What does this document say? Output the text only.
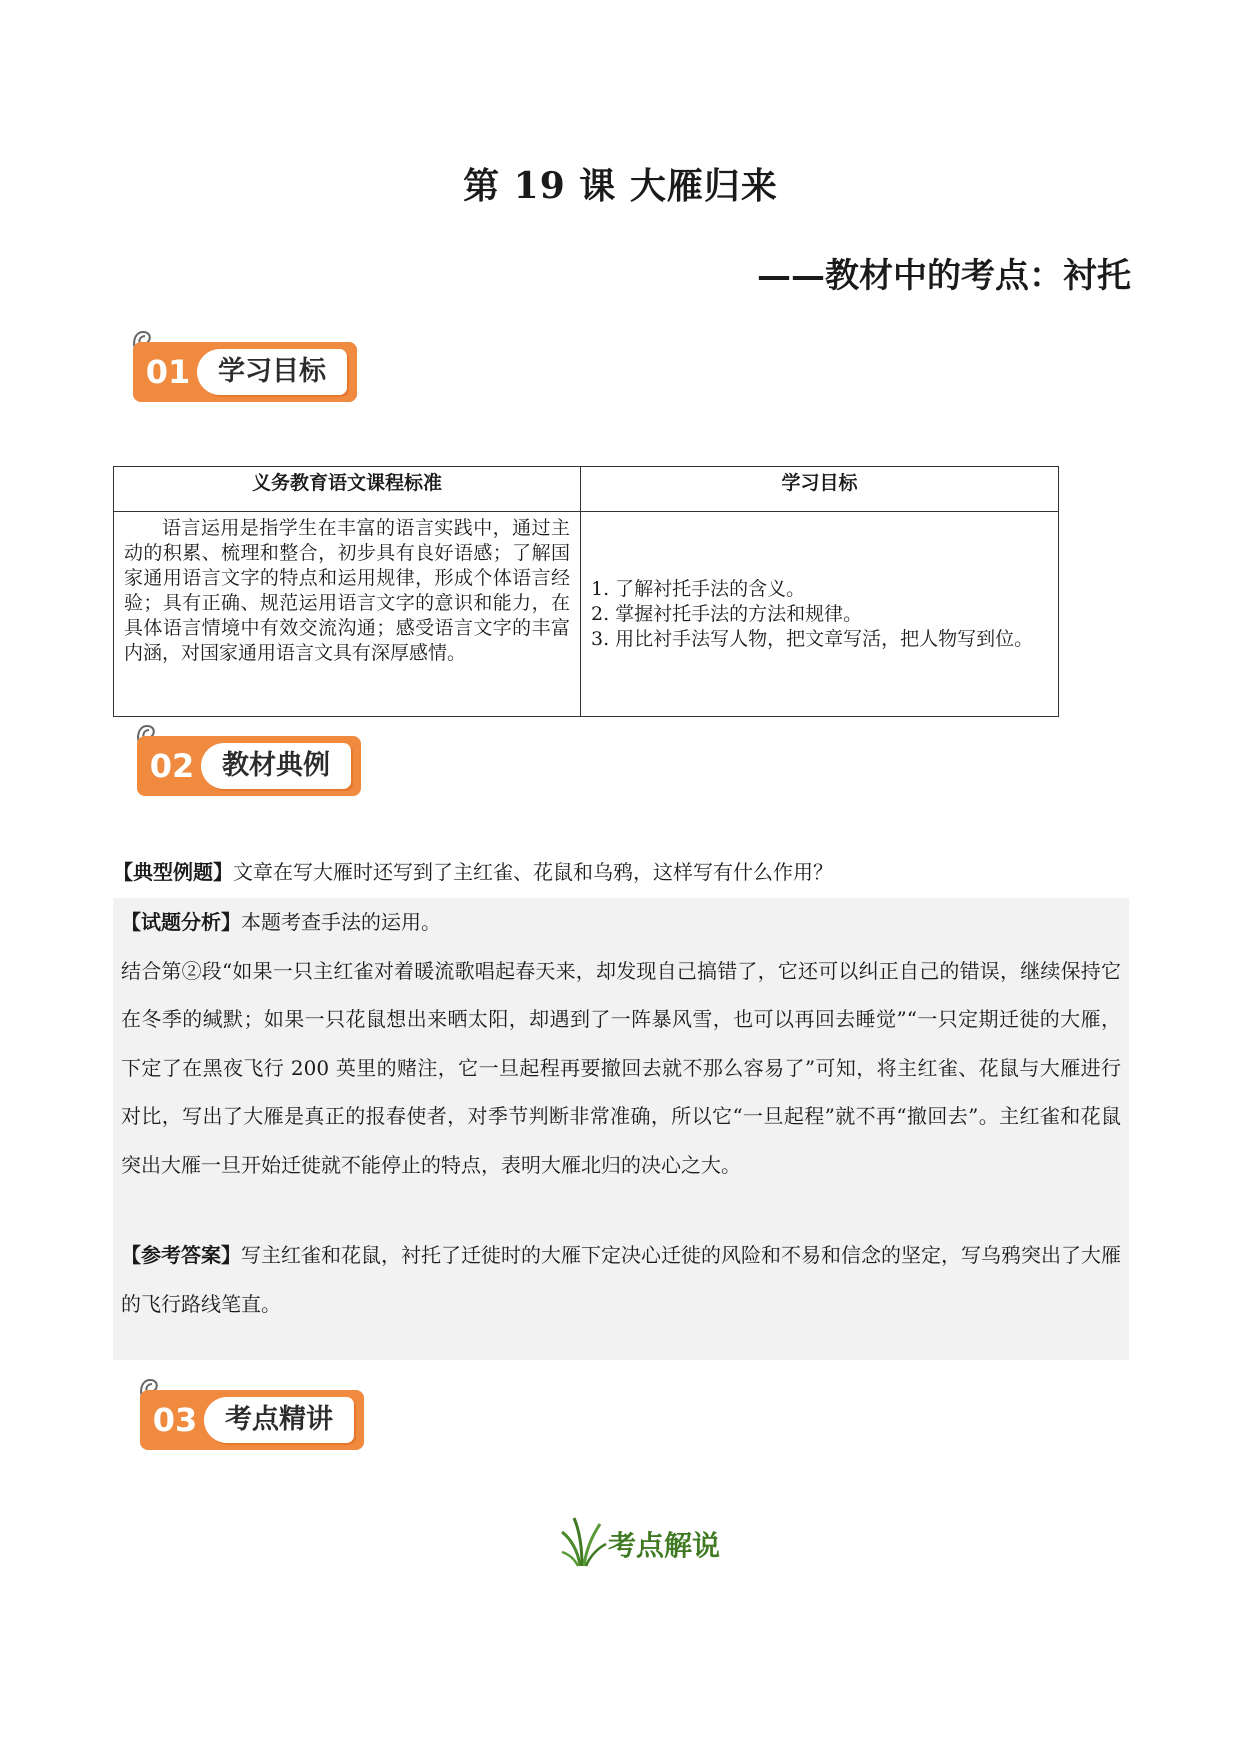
第 19 课 大雁归来
——教材中的考点：衬托
01	学习目标
义务教育语文课程标准	学习目标
语言运用是指学生在丰富的语言实践中，通过主动的积累、梳理和整合，初步具有良好语感；了解国家通用语言文字的特点和运用规律，形成个体语言经验；具有正确、规范运用语言文字的意识和能力，在具体语言情境中有效交流沟通；感受语言文字的丰富内涵，对国家通用语言文具有深厚感情。	1. 了解衬托手法的含义。
2. 掌握衬托手法的方法和规律。
3. 用比衬手法写人物，把文章写活，把人物写到位。
02	教材典例
【典型例题】文章在写大雁时还写到了主红雀、花鼠和乌鸦，这样写有什么作用？

【试题分析】本题考查手法的运用。

结合第②段“如果一只主红雀对着暖流歌唱起春天来，却发现自己搞错了，它还可以纠正自己的错误，继续保持它在冬季的缄默；如果一只花鼠想出来晒太阳，却遇到了一阵暴风雪，也可以再回去睡觉”“一只定期迁徙的大雁，下定了在黑夜飞行 200 英里的赌注，它一旦起程再要撤回去就不那么容易了”可知，将主红雀、花鼠与大雁进行对比，写出了大雁是真正的报春使者，对季节判断非常准确，所以它“一旦起程”就不再“撤回去”。主红雀和花鼠突出大雁一旦开始迁徙就不能停止的特点，表明大雁北归的决心之大。

【参考答案】写主红雀和花鼠，衬托了迁徙时的大雁下定决心迁徙的风险和不易和信念的坚定，写乌鸦突出了大雁的飞行路线笔直。

03	考点精讲
考点解说
